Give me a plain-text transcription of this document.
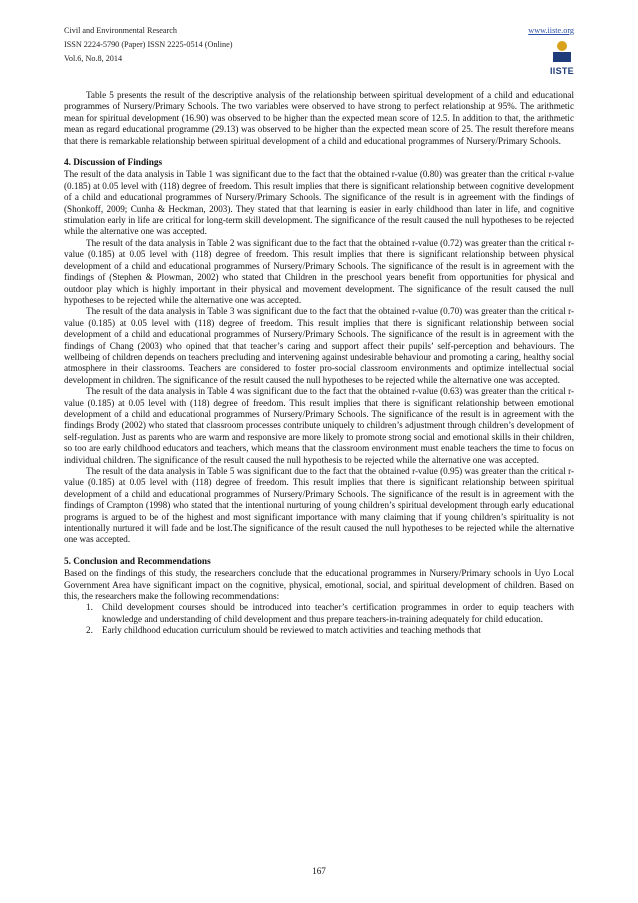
Civil and Environmental Research
ISSN 2224-5790 (Paper) ISSN 2225-0514 (Online)
Vol.6, No.8, 2014
www.iiste.org
IISTE

Table 5 presents the result of the descriptive analysis of the relationship between spiritual development of a child and educational programmes of Nursery/Primary Schools. The two variables were observed to have strong to perfect relationship at 95%. The arithmetic mean for spiritual development (16.90) was observed to be higher than the expected mean score of 12.5. In addition to that, the arithmetic mean as regard educational programme (29.13) was observed to be higher than the expected mean score of 25. The result therefore means that there is remarkable relationship between spiritual development of a child and educational programmes of Nursery/Primary Schools.

4. Discussion of Findings

The result of the data analysis in Table 1 was significant due to the fact that the obtained r-value (0.80) was greater than the critical r-value (0.185) at 0.05 level with (118) degree of freedom. This result implies that there is significant relationship between cognitive development of a child and educational programmes of Nursery/Primary Schools. The significance of the result is in agreement with the findings of (Shonkoff, 2009; Cunha & Heckman, 2003). They stated that that learning is easier in early childhood than later in life, and cognitive stimulation early in life are critical for long-term skill development. The significance of the result caused the null hypotheses to be rejected while the alternative one was accepted.

The result of the data analysis in Table 2 was significant due to the fact that the obtained r-value (0.72) was greater than the critical r-value (0.185) at 0.05 level with (118) degree of freedom. This result implies that there is significant relationship between physical development of a child and educational programmes of Nursery/Primary Schools. The significance of the result is in agreement with the findings of (Stephen & Plowman, 2002) who stated that Children in the preschool years benefit from opportunities for physical and outdoor play which is highly important in their physical and movement development. The significance of the result caused the null hypotheses to be rejected while the alternative one was accepted.

The result of the data analysis in Table 3 was significant due to the fact that the obtained r-value (0.70) was greater than the critical r-value (0.185) at 0.05 level with (118) degree of freedom. This result implies that there is significant relationship between social development of a child and educational programmes of Nursery/Primary Schools. The significance of the result is in agreement with the findings of Chang (2003) who opined that that teacher’s caring and support affect their pupils’ self-perception and behaviours. The wellbeing of children depends on teachers precluding and intervening against undesirable behaviour and promoting a caring, healthy social atmosphere in their classrooms. Teachers are considered to foster pro-social classroom environments and optimize intellectual social development in children. The significance of the result caused the null hypotheses to be rejected while the alternative one was accepted.

The result of the data analysis in Table 4 was significant due to the fact that the obtained r-value (0.63) was greater than the critical r-value (0.185) at 0.05 level with (118) degree of freedom. This result implies that there is significant relationship between emotional development of a child and educational programmes of Nursery/Primary Schools. The significance of the result is in agreement with the findings Brody (2002) who stated that classroom processes contribute uniquely to children’s adjustment through children’s development of self-regulation. Just as parents who are warm and responsive are more likely to promote strong social and emotional skills in their children, so too are early childhood educators and teachers, which means that the classroom environment must enable teachers the time to focus on individual children. The significance of the result caused the null hypothesis to be rejected while the alternative one was accepted.

The result of the data analysis in Table 5 was significant due to the fact that the obtained r-value (0.95) was greater than the critical r-value (0.185) at 0.05 level with (118) degree of freedom. This result implies that there is significant relationship between spiritual development of a child and educational programmes of Nursery/Primary Schools. The significance of the result is in agreement with the findings of Crampton (1998) who stated that the intentional nurturing of young children’s spiritual development through early educational programs is argued to be of the highest and most significant importance with many claiming that if young children’s spirituality is not intentionally nurtured it will fade and be lost.The significance of the result caused the null hypotheses to be rejected while the alternative one was accepted.

5. Conclusion and Recommendations

Based on the findings of this study, the researchers conclude that the educational programmes in Nursery/Primary schools in Uyo Local Government Area have significant impact on the cognitive, physical, emotional, social, and spiritual development of children. Based on this, the researchers make the following recommendations:

1. Child development courses should be introduced into teacher’s certification programmes in order to equip teachers with knowledge and understanding of child development and thus prepare teachers-in-training adequately for child education.
2. Early childhood education curriculum should be reviewed to match activities and teaching methods that
167
